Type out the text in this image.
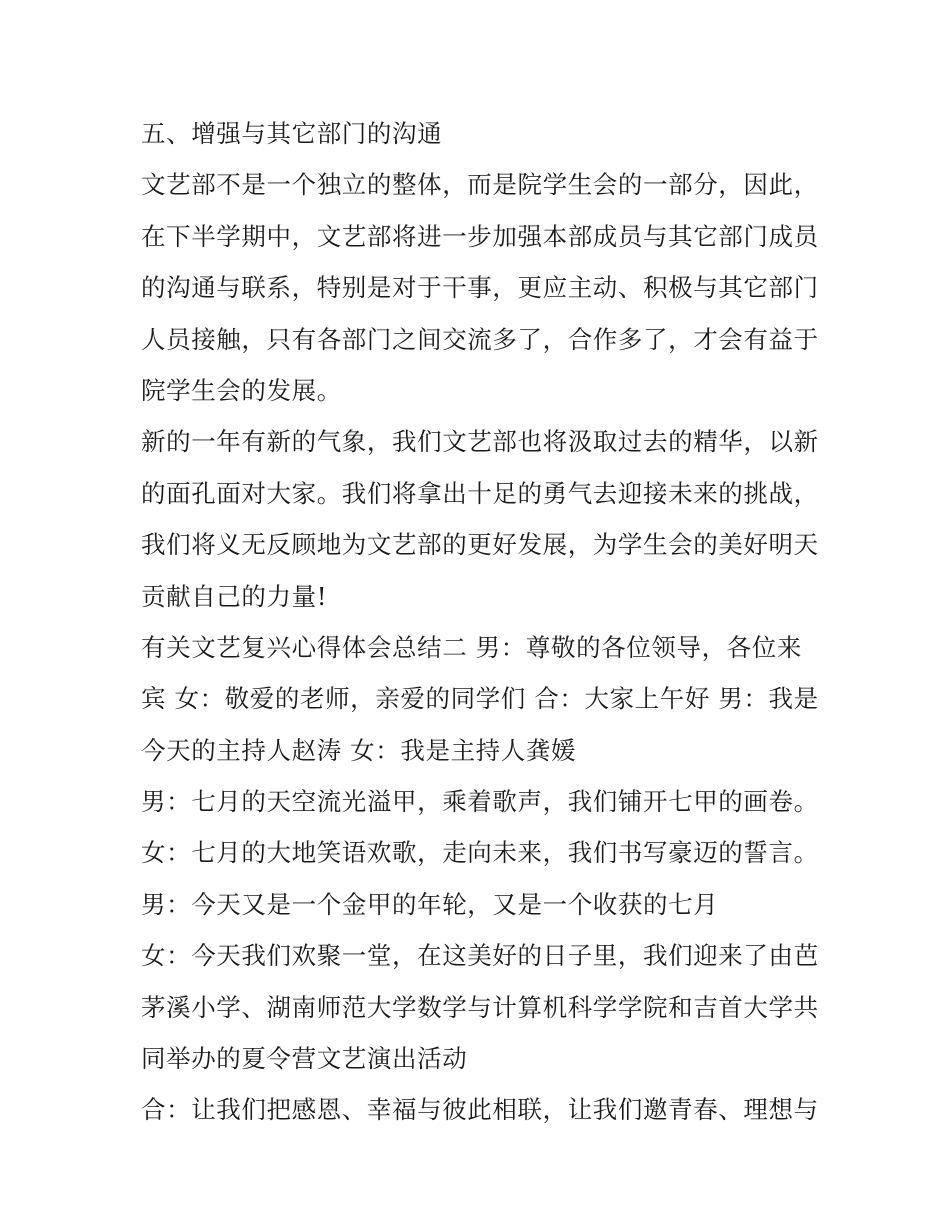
五、增强与其它部门的沟通
文艺部不是一个独立的整体，而是院学生会的一部分，因此，
在下半学期中，文艺部将进一步加强本部成员与其它部门成员
的沟通与联系，特别是对于干事，更应主动、积极与其它部门
人员接触，只有各部门之间交流多了，合作多了，才会有益于
院学生会的发展。
新的一年有新的气象，我们文艺部也将汲取过去的精华，以新
的面孔面对大家。我们将拿出十足的勇气去迎接未来的挑战，
我们将义无反顾地为文艺部的更好发展，为学生会的美好明天
贡献自己的力量!
有关文艺复兴心得体会总结二 男：尊敬的各位领导，各位来
宾 女：敬爱的老师，亲爱的同学们 合：大家上午好 男：我是
今天的主持人赵涛 女：我是主持人龚媛
男：七月的天空流光溢甲，乘着歌声，我们铺开七甲的画卷。
女：七月的大地笑语欢歌，走向未来，我们书写豪迈的誓言。
男：今天又是一个金甲的年轮，又是一个收获的七月
女：今天我们欢聚一堂，在这美好的日子里，我们迎来了由芭
茅溪小学、湖南师范大学数学与计算机科学学院和吉首大学共
同举办的夏令营文艺演出活动
合：让我们把感恩、幸福与彼此相联，让我们邀青春、理想与
